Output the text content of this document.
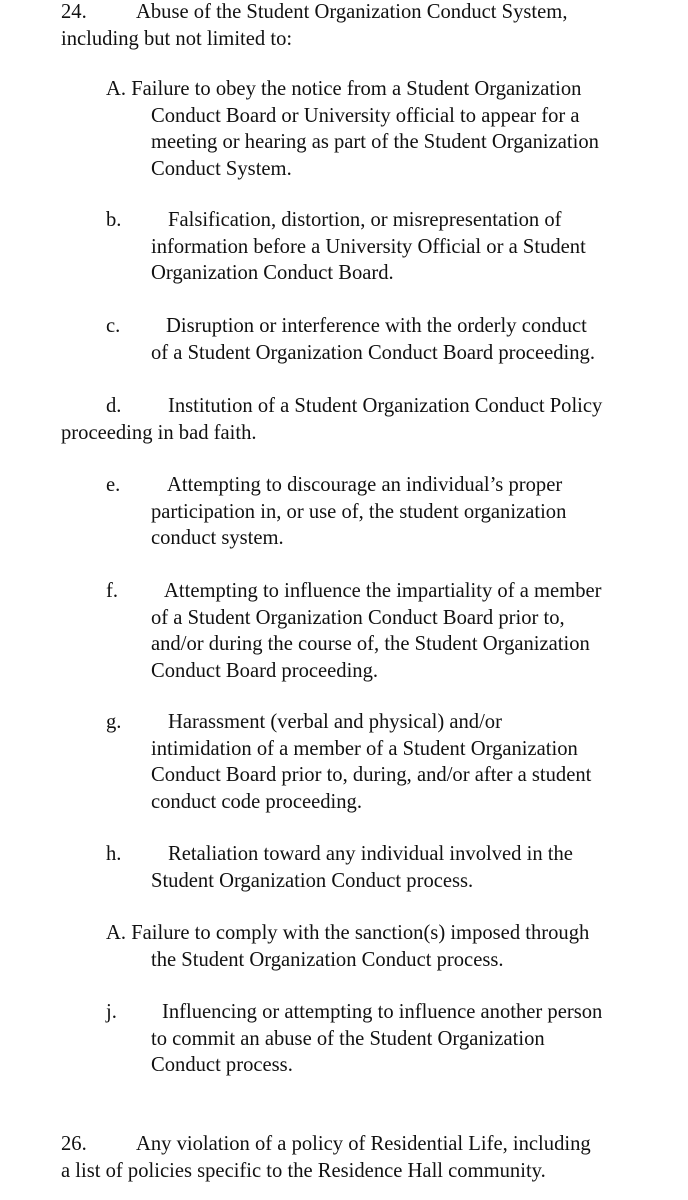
24. Abuse of the Student Organization Conduct System,
including but not limited to:
A. Failure to obey the notice from a Student Organization
Conduct Board or University official to appear for a
meeting or hearing as part of the Student Organization
Conduct System.
b. Falsification, distortion, or misrepresentation of
information before a University Official or a Student
Organization Conduct Board.
c. Disruption or interference with the orderly conduct
of a Student Organization Conduct Board proceeding.
d. Institution of a Student Organization Conduct Policy
proceeding in bad faith.
e. Attempting to discourage an individual’s proper
participation in, or use of, the student organization
conduct system.
f. Attempting to influence the impartiality of a member
of a Student Organization Conduct Board prior to,
and/or during the course of, the Student Organization
Conduct Board proceeding.
g. Harassment (verbal and physical) and/or
intimidation of a member of a Student Organization
Conduct Board prior to, during, and/or after a student
conduct code proceeding.
h. Retaliation toward any individual involved in the
Student Organization Conduct process.
A. Failure to comply with the sanction(s) imposed through
the Student Organization Conduct process.
j. Influencing or attempting to influence another person
to commit an abuse of the Student Organization
Conduct process.
26. Any violation of a policy of Residential Life, including
a list of policies specific to the Residence Hall community.
